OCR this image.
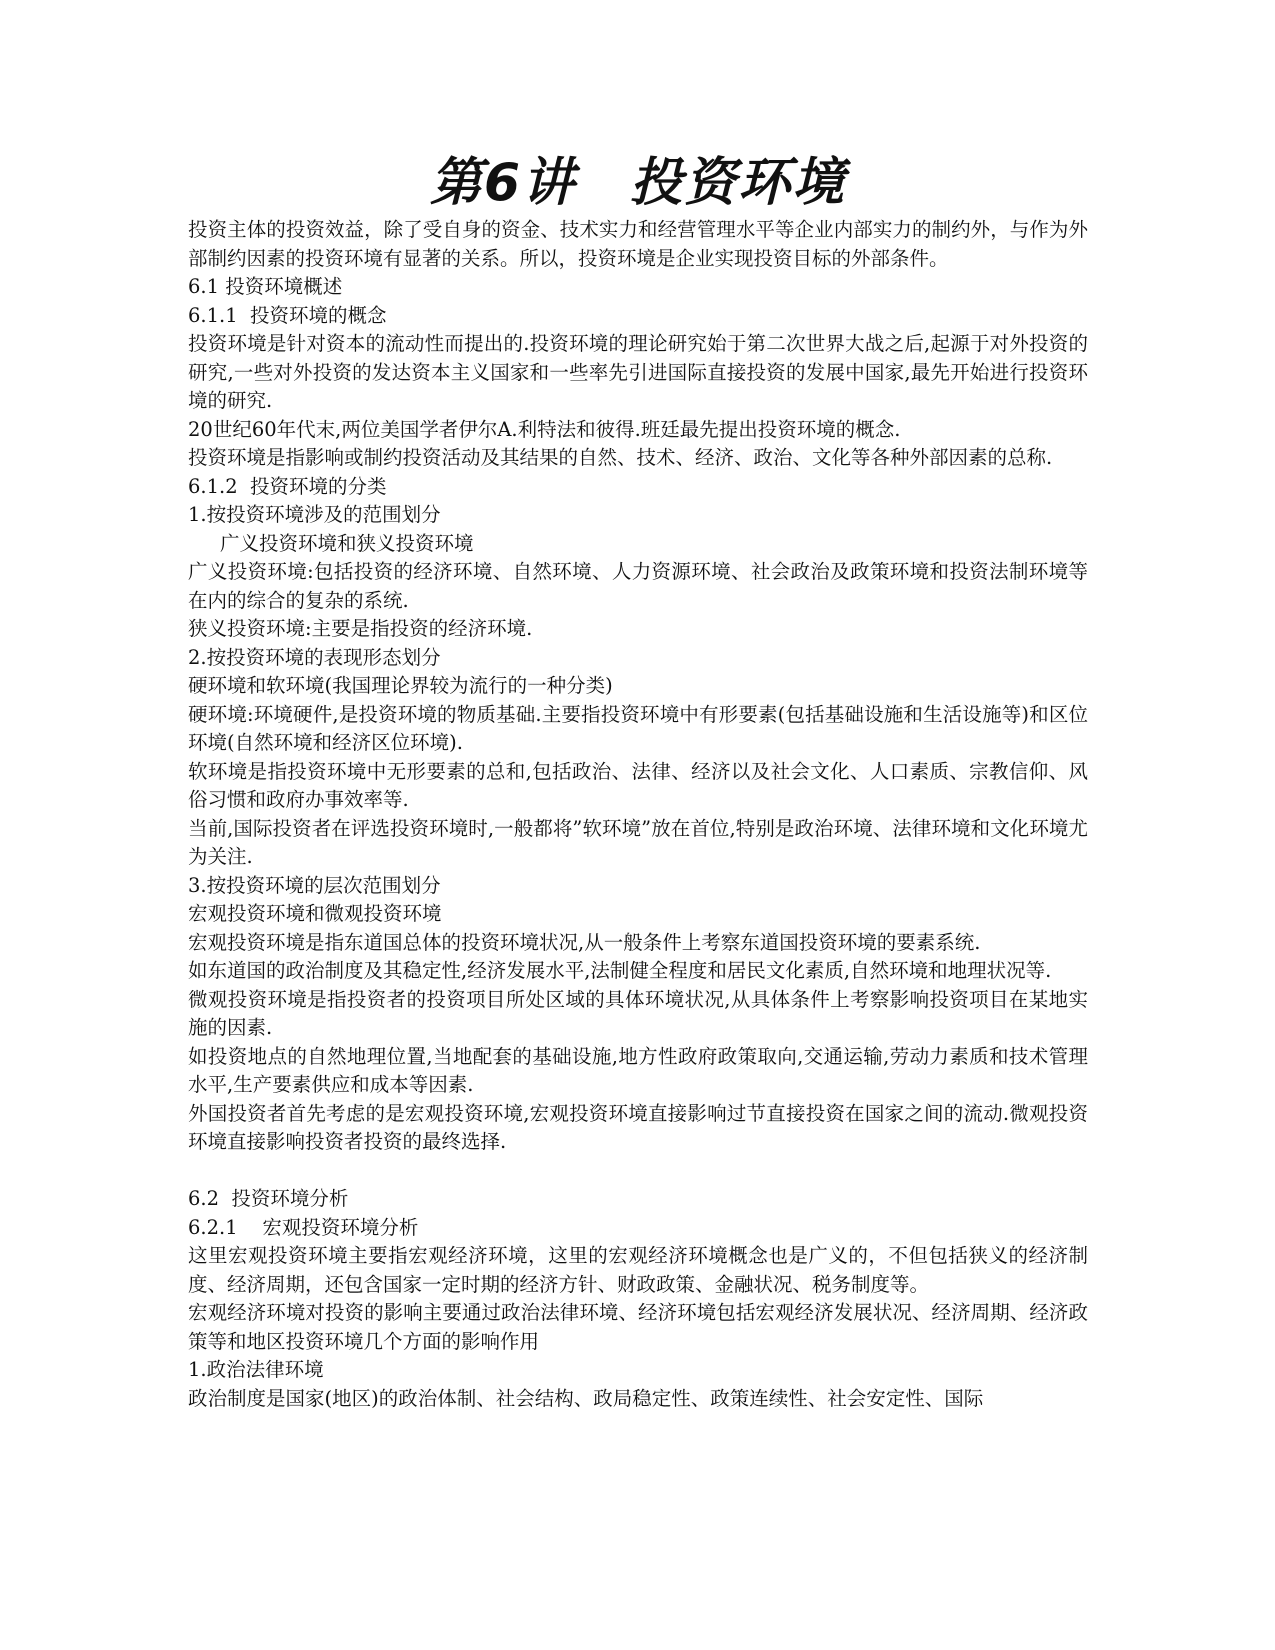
第6讲　投资环境

投资主体的投资效益，除了受自身的资金、技术实力和经营管理水平等企业内部实力的制约外，与作为外部制约因素的投资环境有显著的关系。所以，投资环境是企业实现投资目标的外部条件。

6.1 投资环境概述

6.1.1  投资环境的概念

投资环境是针对资本的流动性而提出的.投资环境的理论研究始于第二次世界大战之后,起源于对外投资的研究,一些对外投资的发达资本主义国家和一些率先引进国际直接投资的发展中国家,最先开始进行投资环境的研究.

20世纪60年代末,两位美国学者伊尔A.利特法和彼得.班廷最先提出投资环境的概念.

投资环境是指影响或制约投资活动及其结果的自然、技术、经济、政治、文化等各种外部因素的总称.

6.1.2  投资环境的分类

1.按投资环境涉及的范围划分

广义投资环境和狭义投资环境

广义投资环境:包括投资的经济环境、自然环境、人力资源环境、社会政治及政策环境和投资法制环境等在内的综合的复杂的系统.

狭义投资环境:主要是指投资的经济环境.

2.按投资环境的表现形态划分

硬环境和软环境(我国理论界较为流行的一种分类)

硬环境:环境硬件,是投资环境的物质基础.主要指投资环境中有形要素(包括基础设施和生活设施等)和区位环境(自然环境和经济区位环境).

软环境是指投资环境中无形要素的总和,包括政治、法律、经济以及社会文化、人口素质、宗教信仰、风俗习惯和政府办事效率等.

当前,国际投资者在评选投资环境时,一般都将”软环境”放在首位,特别是政治环境、法律环境和文化环境尤为关注.

3.按投资环境的层次范围划分

宏观投资环境和微观投资环境

宏观投资环境是指东道国总体的投资环境状况,从一般条件上考察东道国投资环境的要素系统.

如东道国的政治制度及其稳定性,经济发展水平,法制健全程度和居民文化素质,自然环境和地理状况等.

微观投资环境是指投资者的投资项目所处区域的具体环境状况,从具体条件上考察影响投资项目在某地实施的因素.

如投资地点的自然地理位置,当地配套的基础设施,地方性政府政策取向,交通运输,劳动力素质和技术管理水平,生产要素供应和成本等因素.

外国投资者首先考虑的是宏观投资环境,宏观投资环境直接影响过节直接投资在国家之间的流动.微观投资环境直接影响投资者投资的最终选择.

6.2  投资环境分析

6.2.1    宏观投资环境分析

这里宏观投资环境主要指宏观经济环境，这里的宏观经济环境概念也是广义的，不但包括狭义的经济制度、经济周期，还包含国家一定时期的经济方针、财政政策、金融状况、税务制度等。

宏观经济环境对投资的影响主要通过政治法律环境、经济环境包括宏观经济发展状况、经济周期、经济政策等和地区投资环境几个方面的影响作用

1.政治法律环境

政治制度是国家(地区)的政治体制、社会结构、政局稳定性、政策连续性、社会安定性、国际
